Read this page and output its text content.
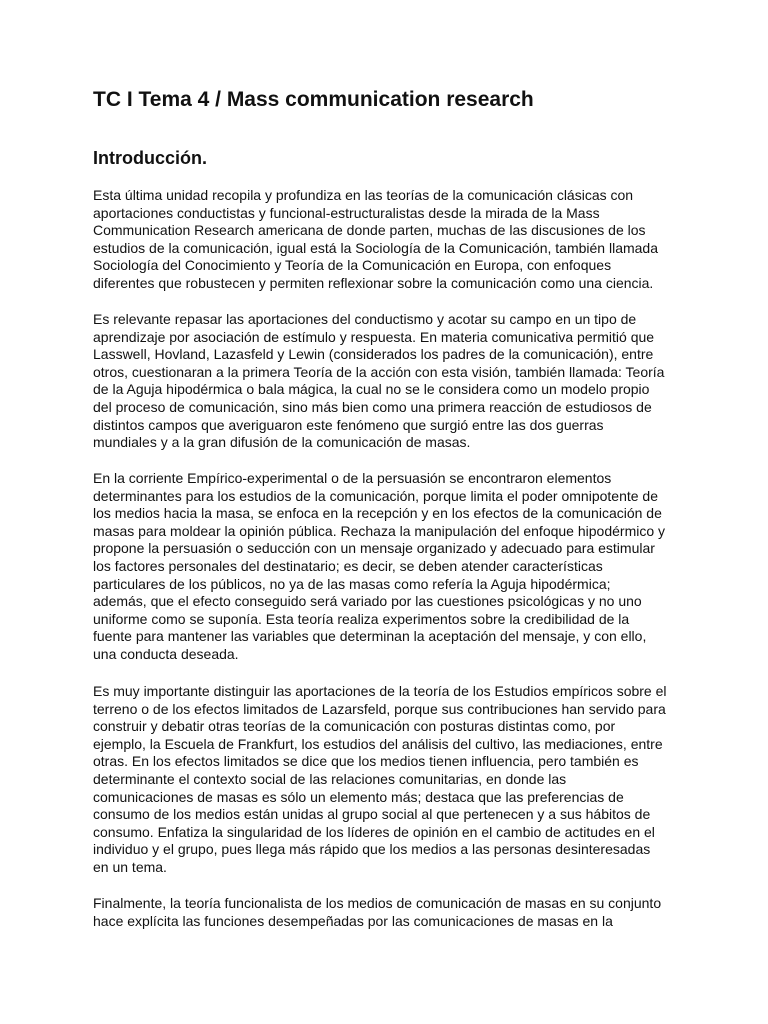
TC I Tema 4 / Mass communication research
Introducción.
Esta última unidad recopila y profundiza en las teorías de la comunicación clásicas con
aportaciones conductistas y funcional-estructuralistas desde la mirada de la Mass
Communication Research americana de donde parten, muchas de las discusiones de los
estudios de la comunicación, igual está la Sociología de la Comunicación, también llamada
Sociología del Conocimiento y Teoría de la Comunicación en Europa, con enfoques
diferentes que robustecen y permiten reflexionar sobre la comunicación como una ciencia.
Es relevante repasar las aportaciones del conductismo y acotar su campo en un tipo de
aprendizaje por asociación de estímulo y respuesta. En materia comunicativa permitió que
Lasswell, Hovland, Lazasfeld y Lewin (considerados los padres de la comunicación), entre
otros, cuestionaran a la primera Teoría de la acción con esta visión, también llamada: Teoría
de la Aguja hipodérmica o bala mágica, la cual no se le considera como un modelo propio
del proceso de comunicación, sino más bien como una primera reacción de estudiosos de
distintos campos que averiguaron este fenómeno que surgió entre las dos guerras
mundiales y a la gran difusión de la comunicación de masas.
En la corriente Empírico-experimental o de la persuasión se encontraron elementos
determinantes para los estudios de la comunicación, porque limita el poder omnipotente de
los medios hacia la masa, se enfoca en la recepción y en los efectos de la comunicación de
masas para moldear la opinión pública. Rechaza la manipulación del enfoque hipodérmico y
propone la persuasión o seducción con un mensaje organizado y adecuado para estimular
los factores personales del destinatario; es decir, se deben atender características
particulares de los públicos, no ya de las masas como refería la Aguja hipodérmica;
además, que el efecto conseguido será variado por las cuestiones psicológicas y no uno
uniforme como se suponía. Esta teoría realiza experimentos sobre la credibilidad de la
fuente para mantener las variables que determinan la aceptación del mensaje, y con ello,
una conducta deseada.
Es muy importante distinguir las aportaciones de la teoría de los Estudios empíricos sobre el
terreno o de los efectos limitados de Lazarsfeld, porque sus contribuciones han servido para
construir y debatir otras teorías de la comunicación con posturas distintas como, por
ejemplo, la Escuela de Frankfurt, los estudios del análisis del cultivo, las mediaciones, entre
otras. En los efectos limitados se dice que los medios tienen influencia, pero también es
determinante el contexto social de las relaciones comunitarias, en donde las
comunicaciones de masas es sólo un elemento más; destaca que las preferencias de
consumo de los medios están unidas al grupo social al que pertenecen y a sus hábitos de
consumo. Enfatiza la singularidad de los líderes de opinión en el cambio de actitudes en el
individuo y el grupo, pues llega más rápido que los medios a las personas desinteresadas
en un tema.
Finalmente, la teoría funcionalista de los medios de comunicación de masas en su conjunto
hace explícita las funciones desempeñadas por las comunicaciones de masas en la
